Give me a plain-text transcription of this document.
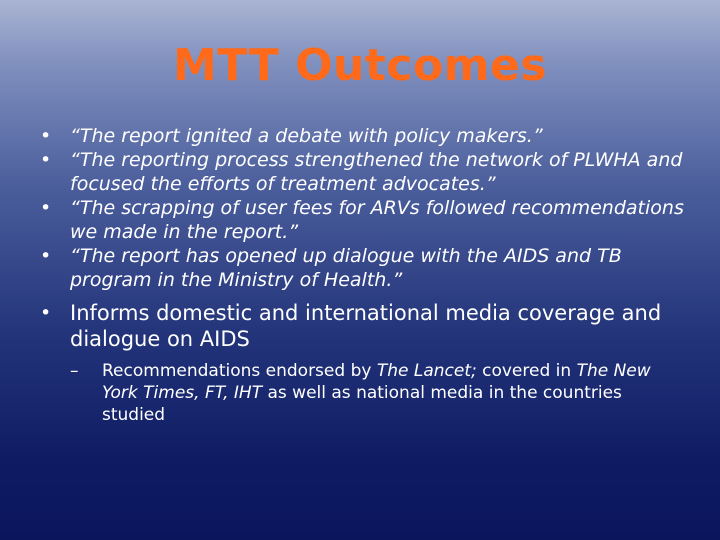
MTT Outcomes
• “The report ignited a debate with policy makers.”
• “The reporting process strengthened the network of PLWHA and focused the efforts of treatment advocates.”
• “The scrapping of user fees for ARVs followed recommendations we made in the report.”
• “The report has opened up dialogue with the AIDS and TB program in the Ministry of Health.”
• Informs domestic and international media coverage and dialogue on AIDS
– Recommendations endorsed by The Lancet; covered in The New York Times, FT, IHT as well as national media in the countries studied
